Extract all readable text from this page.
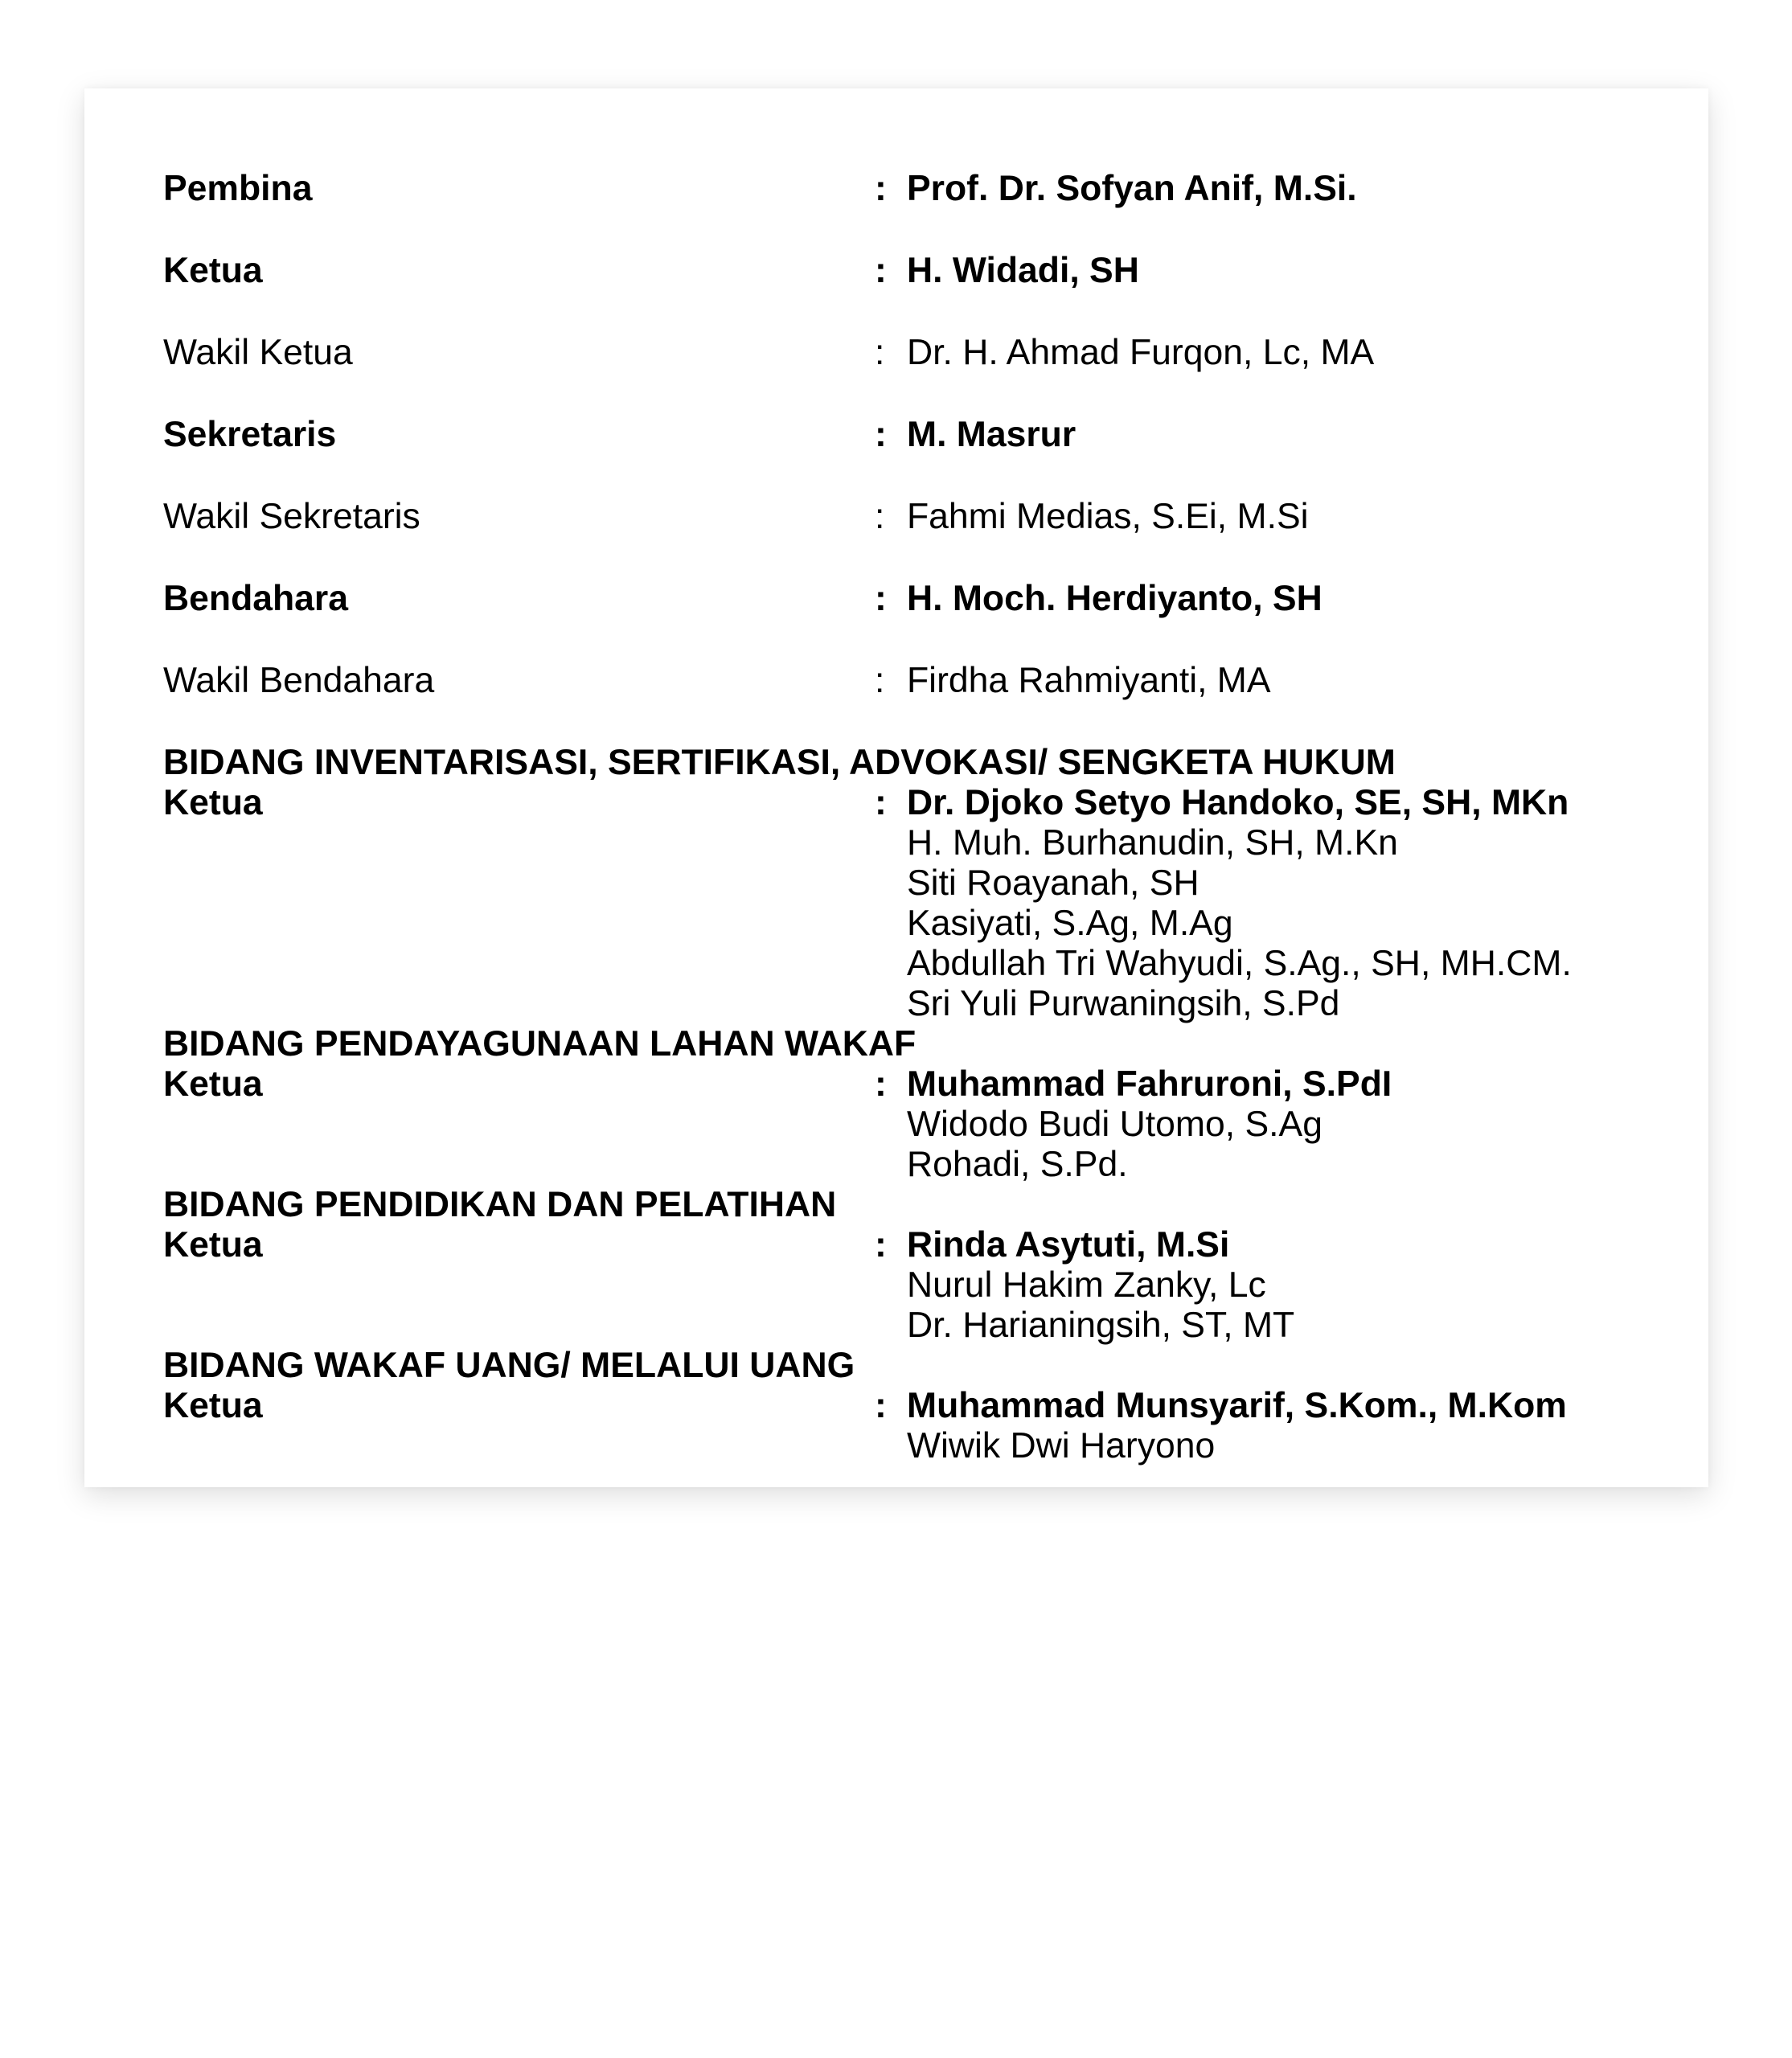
Pembina	: Prof. Dr. Sofyan Anif, M.Si.
Ketua	: H. Widadi, SH
Wakil Ketua	: Dr. H. Ahmad Furqon, Lc, MA
Sekretaris	: M. Masrur
Wakil Sekretaris	: Fahmi Medias, S.Ei, M.Si
Bendahara	: H. Moch. Herdiyanto, SH
Wakil Bendahara	: Firdha Rahmiyanti, MA
BIDANG INVENTARISASI, SERTIFIKASI, ADVOKASI/ SENGKETA HUKUM
Ketua	: Dr. Djoko Setyo Handoko, SE, SH, MKn
H. Muh. Burhanudin, SH, M.Kn
Siti Roayanah, SH
Kasiyati, S.Ag, M.Ag
Abdullah Tri Wahyudi, S.Ag., SH, MH.CM.
Sri Yuli Purwaningsih, S.Pd
BIDANG PENDAYAGUNAAN LAHAN WAKAF
Ketua	: Muhammad Fahruroni, S.PdI
Widodo Budi Utomo, S.Ag
Rohadi, S.Pd.
BIDANG PENDIDIKAN DAN PELATIHAN
Ketua	: Rinda Asytuti, M.Si
Nurul Hakim Zanky, Lc
Dr. Harianingsih, ST, MT
BIDANG WAKAF UANG/ MELALUI UANG
Ketua	: Muhammad Munsyarif, S.Kom., M.Kom
Wiwik Dwi Haryono
